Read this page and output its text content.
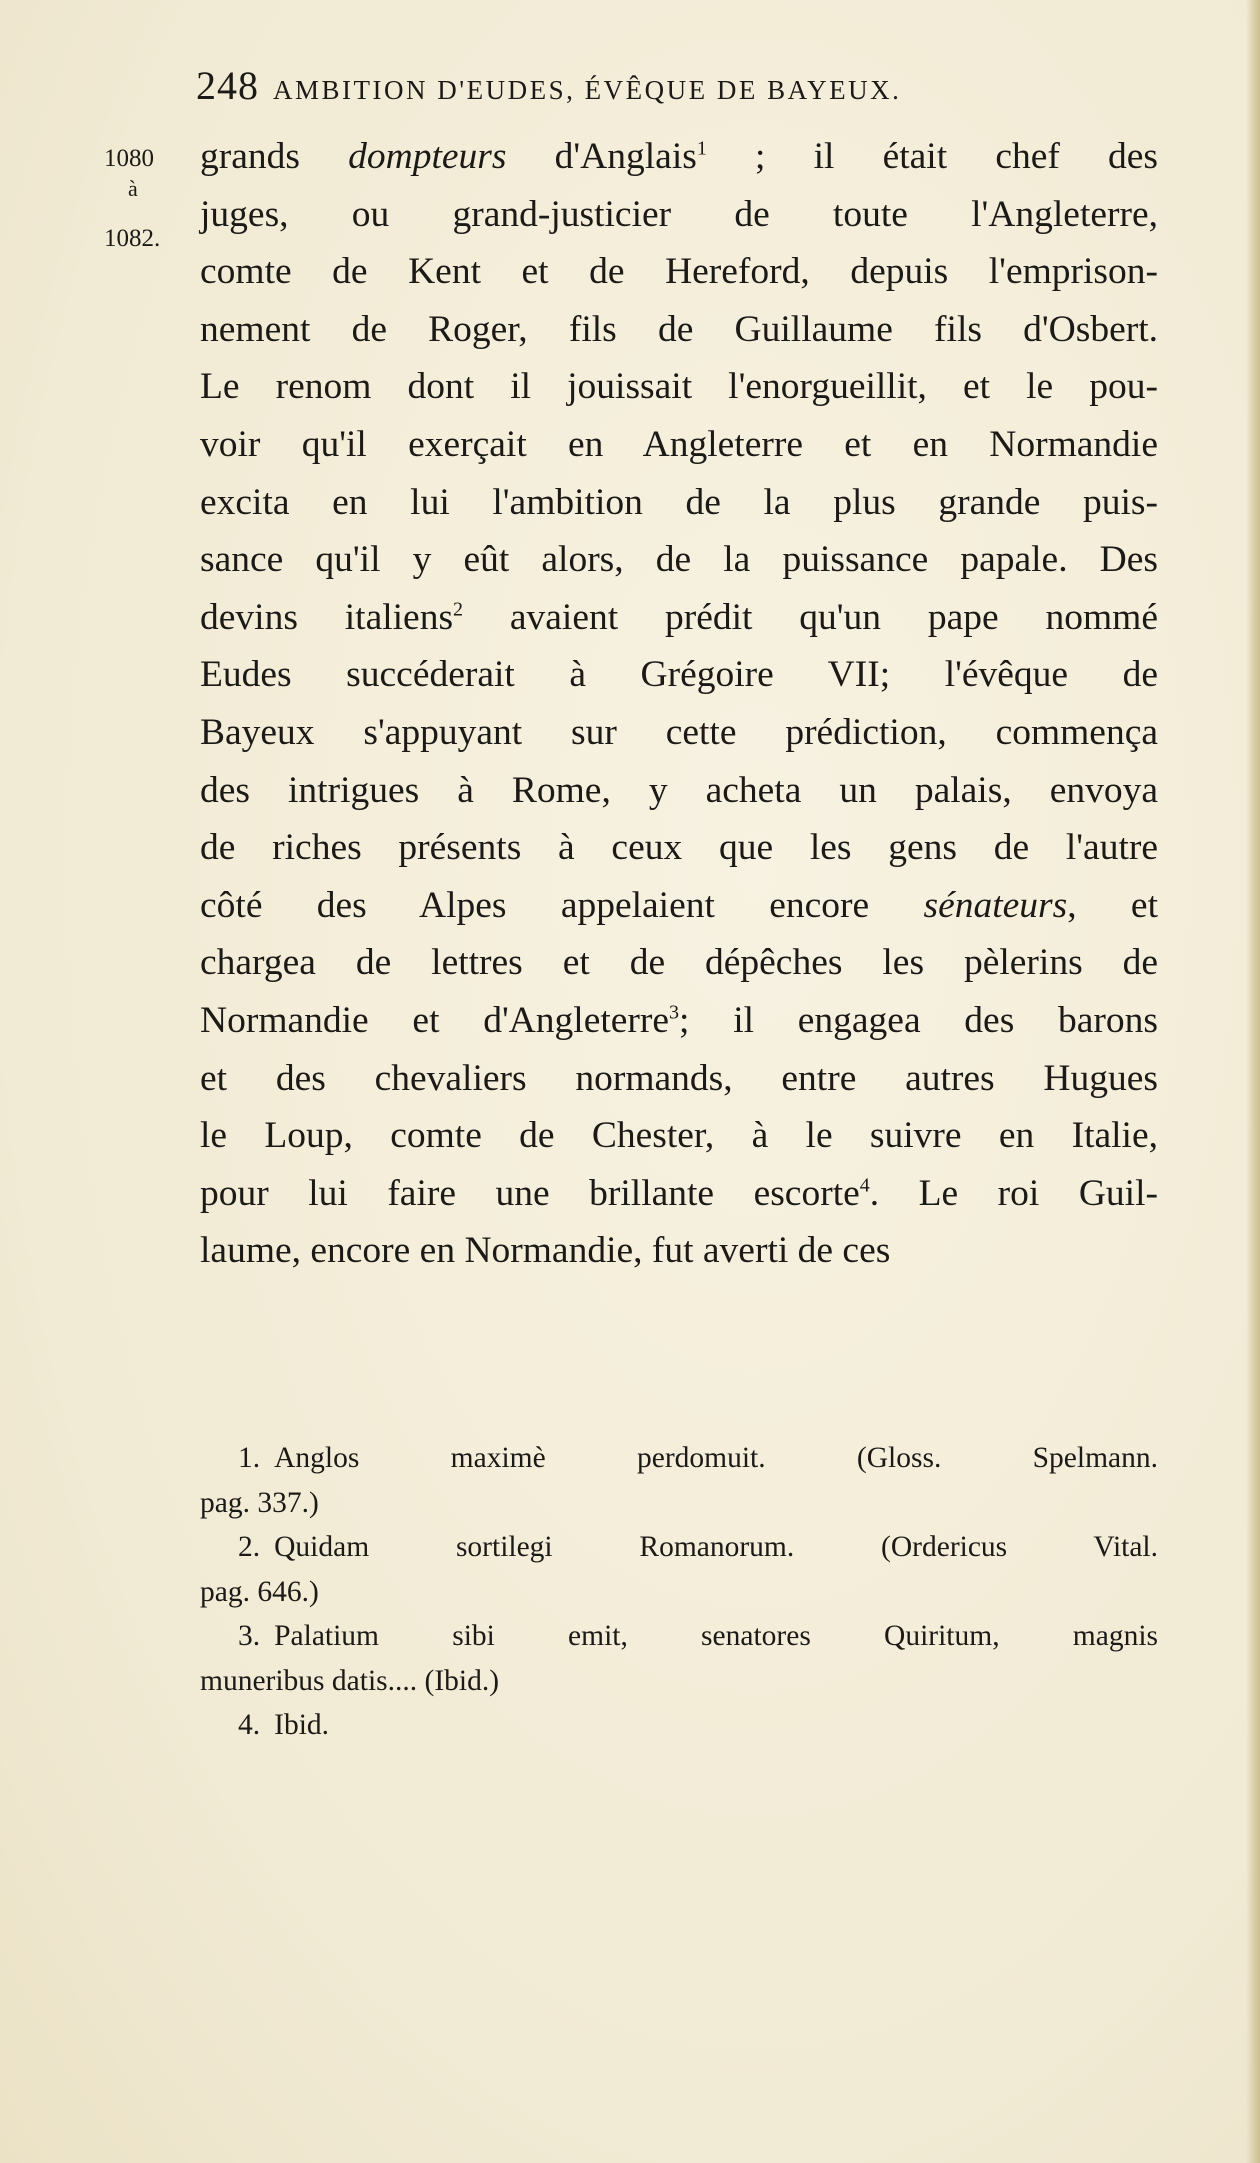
248 AMBITION D'EUDES, ÉVÊQUE DE BAYEUX.
1080
à
1082.
grands dompteurs d'Anglais$^1$ ; il était chef des
juges, ou grand-justicier de toute l'Angleterre,
comte de Kent et de Hereford, depuis l'emprison-
nement de Roger, fils de Guillaume fils d'Osbert.
Le renom dont il jouissait l'enorgueillit, et le pou-
voir qu'il exerçait en Angleterre et en Normandie
excita en lui l'ambition de la plus grande puis-
sance qu'il y eût alors, de la puissance papale. Des
devins italiens$^2$ avaient prédit qu'un pape nommé
Eudes succéderait à Grégoire VII; l'évêque de
Bayeux s'appuyant sur cette prédiction, commença
des intrigues à Rome, y acheta un palais, envoya
de riches présents à ceux que les gens de l'autre
côté des Alpes appelaient encore sénateurs, et
chargea de lettres et de dépêches les pèlerins de
Normandie et d'Angleterre$^3$; il engagea des barons
et des chevaliers normands, entre autres Hugues
le Loup, comte de Chester, à le suivre en Italie,
pour lui faire une brillante escorte$^4$. Le roi Guil-
laume, encore en Normandie, fut averti de ces
1. Anglos maximè perdomuit. (Gloss. Spelmann.
pag. 337.)
2. Quidam sortilegi Romanorum. (Ordericus Vital.
pag. 646.)
3. Palatium sibi emit, senatores Quiritum, magnis
muneribus datis.... (Ibid.)
4. Ibid.
